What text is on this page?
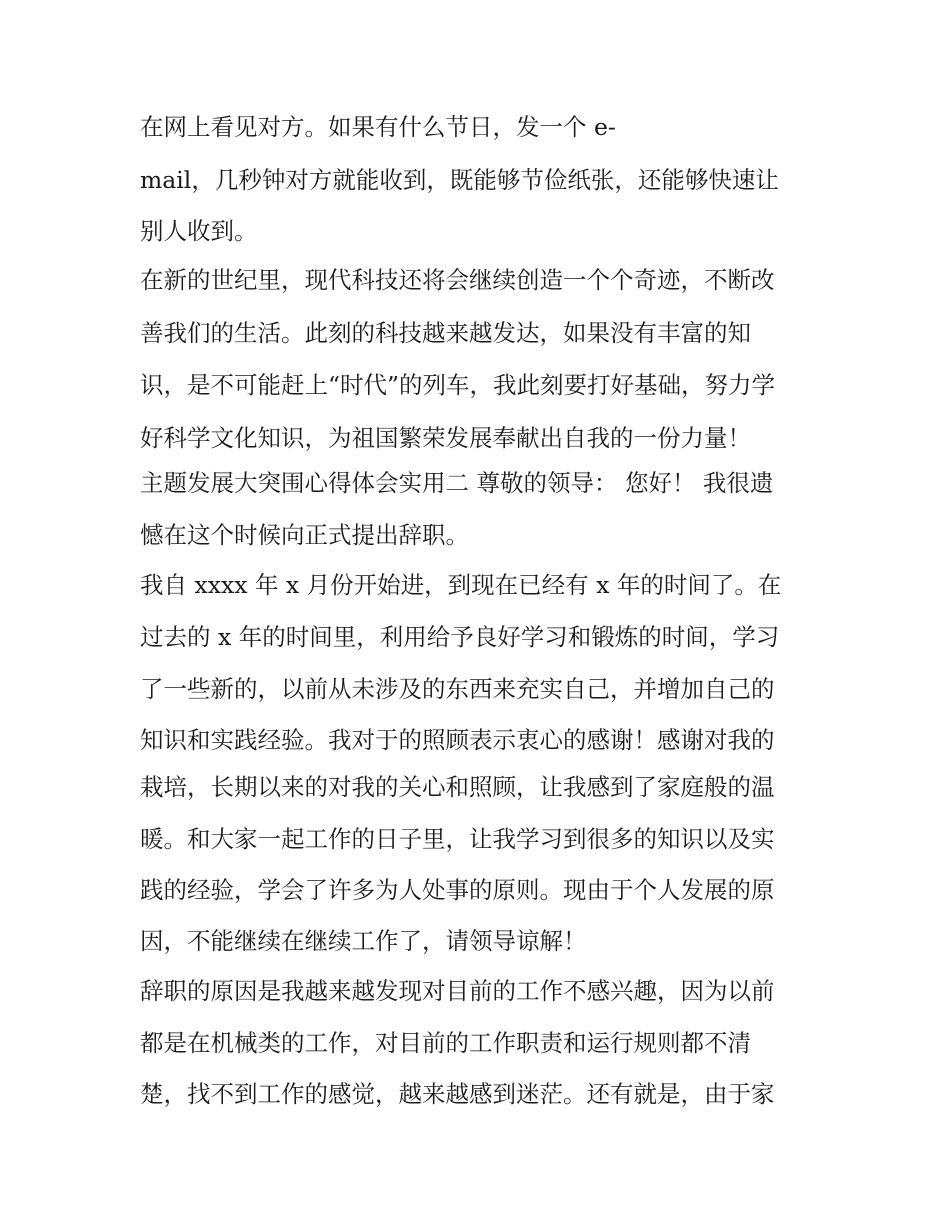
在网上看见对方。如果有什么节日，发一个 e-
mail，几秒钟对方就能收到，既能够节俭纸张，还能够快速让
别人收到。
在新的世纪里，现代科技还将会继续创造一个个奇迹，不断改
善我们的生活。此刻的科技越来越发达，如果没有丰富的知
识，是不可能赶上“时代”的列车，我此刻要打好基础，努力学
好科学文化知识，为祖国繁荣发展奉献出自我的一份力量！
主题发展大突围心得体会实用二 尊敬的领导： 您好！ 我很遗
憾在这个时候向正式提出辞职。
我自 xxxx 年 x 月份开始进，到现在已经有 x 年的时间了。在
过去的 x 年的时间里，利用给予良好学习和锻炼的时间，学习
了一些新的，以前从未涉及的东西来充实自己，并增加自己的
知识和实践经验。我对于的照顾表示衷心的感谢！感谢对我的
栽培，长期以来的对我的关心和照顾，让我感到了家庭般的温
暖。和大家一起工作的日子里，让我学习到很多的知识以及实
践的经验，学会了许多为人处事的原则。现由于个人发展的原
因，不能继续在继续工作了，请领导谅解！
辞职的原因是我越来越发现对目前的工作不感兴趣，因为以前
都是在机械类的工作，对目前的工作职责和运行规则都不清
楚，找不到工作的感觉，越来越感到迷茫。还有就是，由于家
